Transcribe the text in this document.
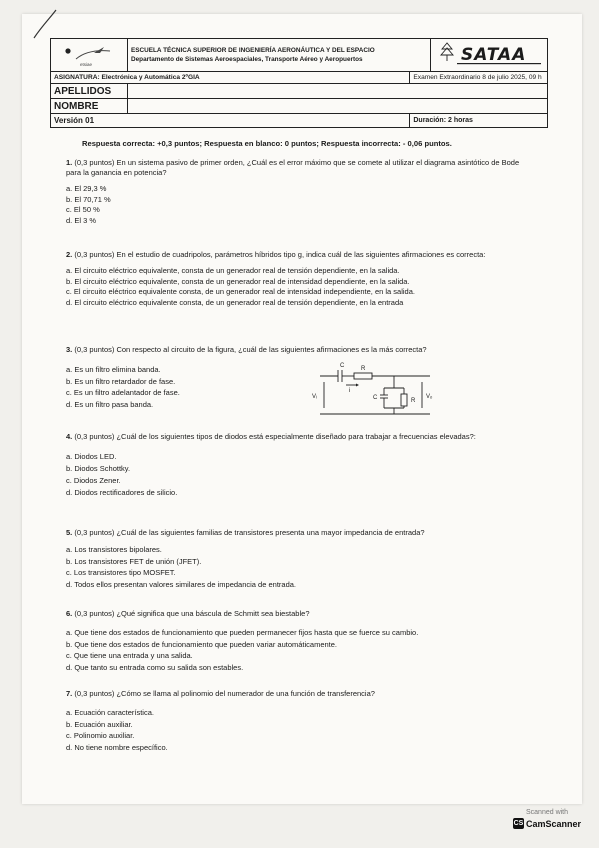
etsiae	ESCUELA TÉCNICA SUPERIOR DE INGENIERÍA AERONÁUTICA Y DEL ESPACIO
Departamento de Sistemas Aeroespaciales, Transporte Aéreo y Aeropuertos		SATAA

ASIGNATURA: Electrónica y Automática 2ºGIA		Examen Extraordinario 8 de julio 2025, 09 h	
APELLIDOS			
NOMBRE			
Versión 01		Duración: 2 horas	
Respuesta correcta: +0,3 puntos; Respuesta en blanco: 0 puntos; Respuesta incorrecta: - 0,06 puntos.

1. (0,3 puntos) En un sistema pasivo de primer orden, ¿Cuál es el error máximo que se comete al utilizar el diagrama asintótico de Bode para la ganancia en potencia?

a. El 29,3 %

b. El 70,71 %

c. El 50 %

d. El 3 %

2. (0,3 puntos) En el estudio de cuadripolos, parámetros híbridos tipo g, indica cuál de las siguientes afirmaciones es correcta:

a. El circuito eléctrico equivalente, consta de un generador real de tensión dependiente, en la salida.

b. El circuito eléctrico equivalente, consta de un generador real de intensidad dependiente, en la salida.

c. El circuito eléctrico equivalente consta, de un generador real de intensidad independiente, en la salida.

d. El circuito eléctrico equivalente consta, de un generador real de tensión dependiente, en la entrada

3. (0,3 puntos) Con respecto al circuito de la figura, ¿cuál de las siguientes afirmaciones es la más correcta?

a. Es un filtro elimina banda.

b. Es un filtro retardador de fase.

c. Es un filtro adelantador de fase.

d. Es un filtro pasa banda.

C	R
i
C	R
Vᵢ	Vₒ

4. (0,3 puntos) ¿Cuál de los siguientes tipos de diodos está especialmente diseñado para trabajar a frecuencias elevadas?:

a. Diodos LED.

b. Diodos Schottky.

c. Diodos Zener.

d. Diodos rectificadores de silicio.

5. (0,3 puntos) ¿Cuál de las siguientes familias de transistores presenta una mayor impedancia de entrada?

a. Los transistores bipolares.

b. Los transistores FET de unión (JFET).

c. Los transistores tipo MOSFET.

d. Todos ellos presentan valores similares de impedancia de entrada.

6. (0,3 puntos) ¿Qué significa que una báscula de Schmitt sea biestable?

a. Que tiene dos estados de funcionamiento que pueden permanecer fijos hasta que se fuerce su cambio.

b. Que tiene dos estados de funcionamiento que pueden variar automáticamente.

c. Que tiene una entrada y una salida.

d. Que tanto su entrada como su salida son estables.

7. (0,3 puntos) ¿Cómo se llama al polinomio del numerador de una función de transferencia?

a. Ecuación característica.

b. Ecuación auxiliar.

c. Polinomio auxiliar.

d. No tiene nombre específico.

Scanned with
CS CamScanner
